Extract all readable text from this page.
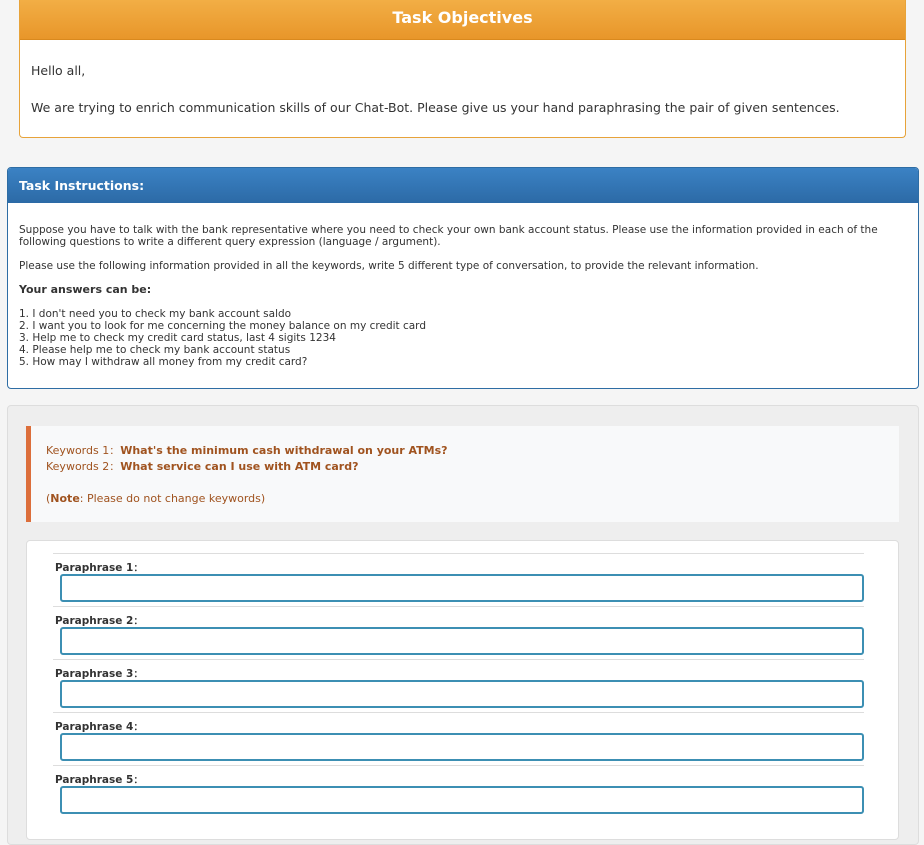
Task Objectives

Hello all,

We are trying to enrich communication skills of our Chat-Bot. Please give us your hand paraphrasing the pair of given sentences.

Task Instructions:

Suppose you have to talk with the bank representative where you need to check your own bank account status. Please use the information provided in each of the following questions to write a different query expression (language / argument).

Please use the following information provided in all the keywords, write 5 different type of conversation, to provide the relevant information.

Your answers can be:

1. I don't need you to check my bank account saldo
2. I want you to look for me concerning the money balance on my credit card
3. Help me to check my credit card status, last 4 sigits 1234
4. Please help me to check my bank account status
5. How may I withdraw all money from my credit card?
Keywords 1：What's the minimum cash withdrawal on your ATMs?
Keywords 2：What service can I use with ATM card?
(Note: Please do not change keywords)
Paraphrase 1：
Paraphrase 2：
Paraphrase 3：
Paraphrase 4：
Paraphrase 5：
